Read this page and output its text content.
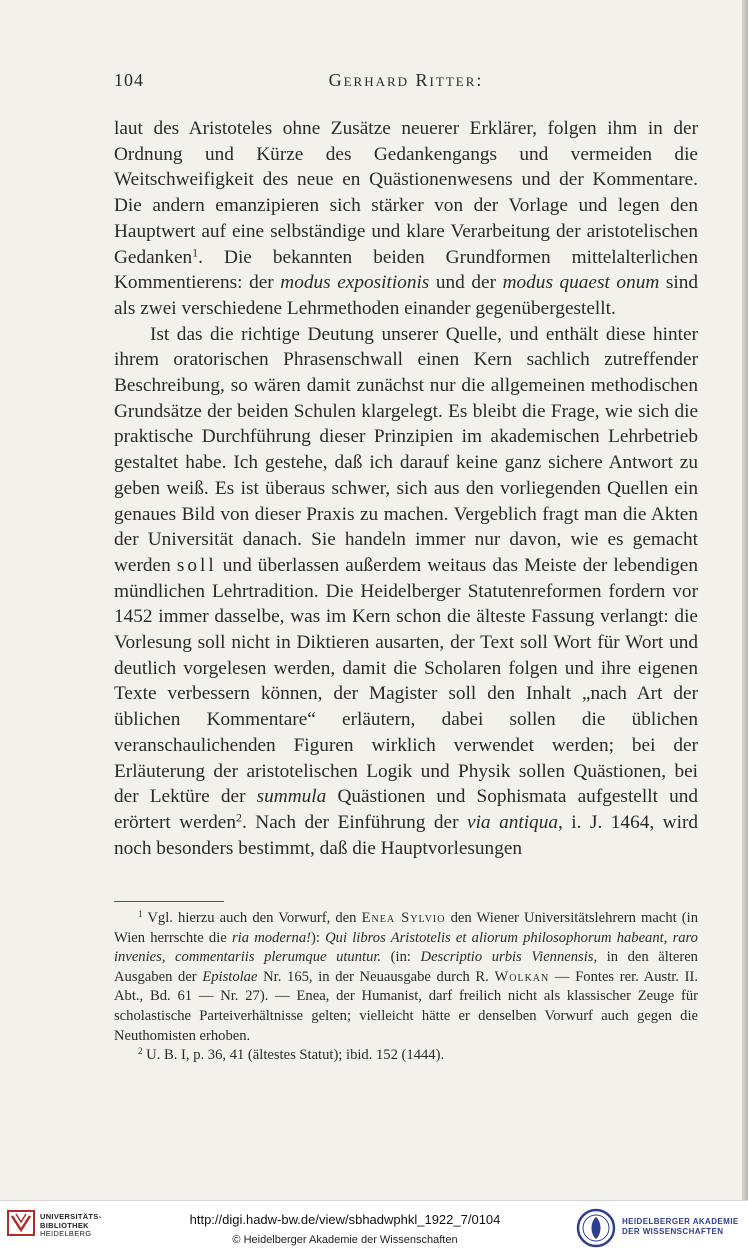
104	Gerhard Ritter:

laut des Aristoteles ohne Zusätze neuerer Erklärer, folgen ihm in der Ordnung und Kürze des Gedankengangs und vermeiden die Weitschweifigkeit des neue en Quästionenwesens und der Kommentare. Die andern emanzipieren sich stärker von der Vorlage und legen den Hauptwert auf eine selbständige und klare Verarbeitung der aristotelischen Gedanken$^1$. Die bekannten beiden Grundformen mittelalterlichen Kommentierens: der modus expositionis und der modus quaest onum sind als zwei verschiedene Lehrmethoden einander gegenübergestellt.

Ist das die richtige Deutung unserer Quelle, und enthält diese hinter ihrem oratorischen Phrasenschwall einen Kern sachlich zutreffender Beschreibung, so wären damit zunächst nur die allgemeinen methodischen Grundsätze der beiden Schulen klargelegt. Es bleibt die Frage, wie sich die praktische Durchführung dieser Prinzipien im akademischen Lehrbetrieb gestaltet habe. Ich gestehe, daß ich darauf keine ganz sichere Antwort zu geben weiß. Es ist überaus schwer, sich aus den vorliegenden Quellen ein genaues Bild von dieser Praxis zu machen. Vergeblich fragt man die Akten der Universität danach. Sie handeln immer nur davon, wie es gemacht werden soll und überlassen außerdem weitaus das Meiste der lebendigen mündlichen Lehrtradition. Die Heidelberger Statutenreformen fordern vor 1452 immer dasselbe, was im Kern schon die älteste Fassung verlangt: die Vorlesung soll nicht in Diktieren ausarten, der Text soll Wort für Wort und deutlich vorgelesen werden, damit die Scholaren folgen und ihre eigenen Texte verbessern können, der Magister soll den Inhalt „nach Art der üblichen Kommentare“ erläutern, dabei sollen die üblichen veranschaulichenden Figuren wirklich verwendet werden; bei der Erläuterung der aristotelischen Logik und Physik sollen Quästionen, bei der Lektüre der summula Quästionen und Sophismata aufgestellt und erörtert werden$^2$. Nach der Einführung der via antiqua, i. J. 1464, wird noch besonders bestimmt, daß die Hauptvorlesungen

$^1$ Vgl. hierzu auch den Vorwurf, den Enea Sylvio den Wiener Universitätslehrern macht (in Wien herrschte die ria moderna!): Qui libros Aristotelis et aliorum philosophorum habeant, raro invenies, commentariis plerumque utuntur. (in: Descriptio urbis Viennensis, in den älteren Ausgaben der Epistolae Nr. 165, in der Neuausgabe durch R. Wolkan — Fontes rer. Austr. II. Abt., Bd. 61 — Nr. 27). — Enea, der Humanist, darf freilich nicht als klassischer Zeuge für scholastische Parteiverhältnisse gelten; vielleicht hätte er denselben Vorwurf auch gegen die Neuthomisten erhoben.

$^2$ U. B. I, p. 36, 41 (ältestes Statut); ibid. 152 (1444).

UNIVERSITÄTS-
BIBLIOTHEK
HEIDELBERG
http://digi.hadw-bw.de/view/sbhadwphkl_1922_7/0104
© Heidelberger Akademie der Wissenschaften
HEIDELBERGER AKADEMIE
DER WISSENSCHAFTEN
